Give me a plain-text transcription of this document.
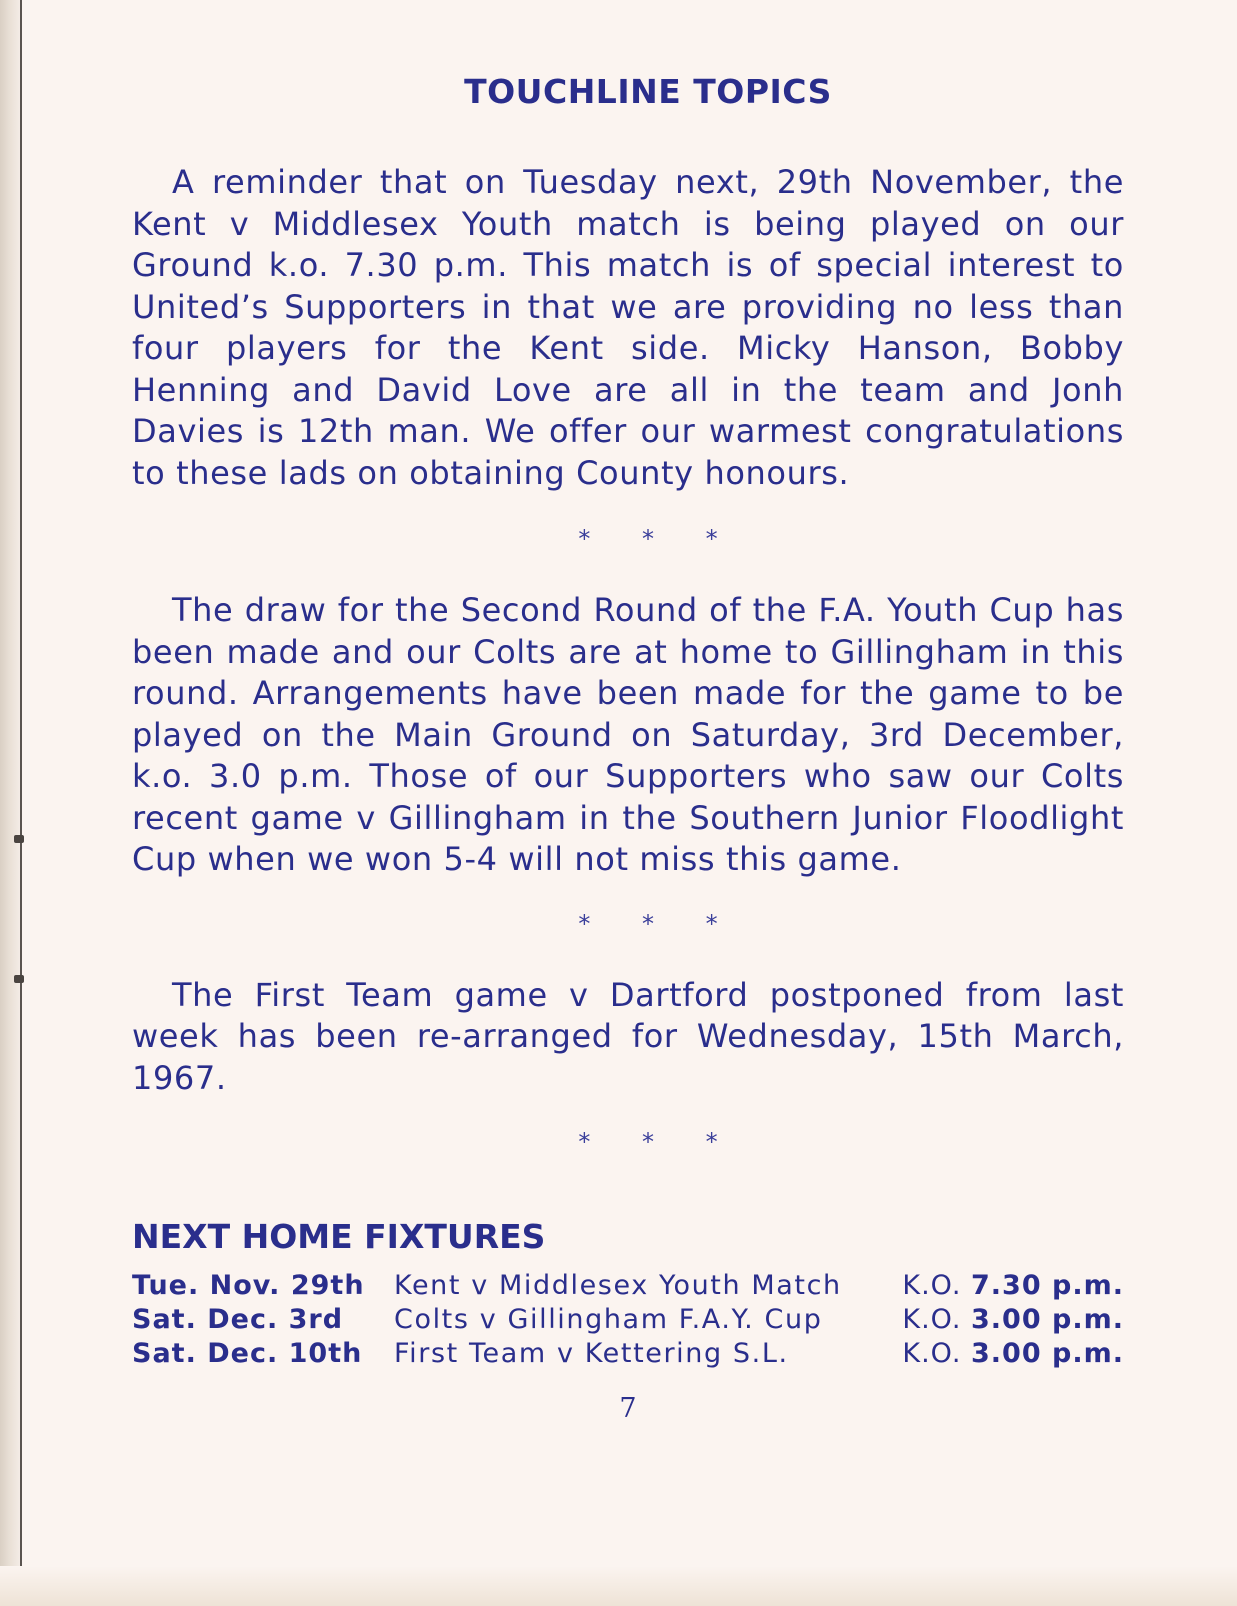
TOUCHLINE TOPICS

A reminder that on Tuesday next, 29th November, the Kent v Middlesex Youth match is being played on our Ground k.o. 7.30 p.m. This match is of special interest to United’s Supporters in that we are providing no less than four players for the Kent side. Micky Hanson, Bobby Henning and David Love are all in the team and Jonh Davies is 12th man. We offer our warmest congratulations to these lads on obtaining County honours.

* * *

The draw for the Second Round of the F.A. Youth Cup has been made and our Colts are at home to Gillingham in this round. Arrangements have been made for the game to be played on the Main Ground on Saturday, 3rd December, k.o. 3.0 p.m. Those of our Supporters who saw our Colts recent game v Gillingham in the Southern Junior Floodlight Cup when we won 5-4 will not miss this game.

* * *

The First Team game v Dartford postponed from last week has been re-arranged for Wednesday, 15th March, 1967.

* * *
NEXT HOME FIXTURES
Tue. Nov. 29th	Kent v Middlesex Youth Match	K.O. 7.30 p.m.
Sat. Dec. 3rd	Colts v Gillingham F.A.Y. Cup	K.O. 3.00 p.m.
Sat. Dec. 10th	First Team v Kettering S.L.	K.O. 3.00 p.m.
7
